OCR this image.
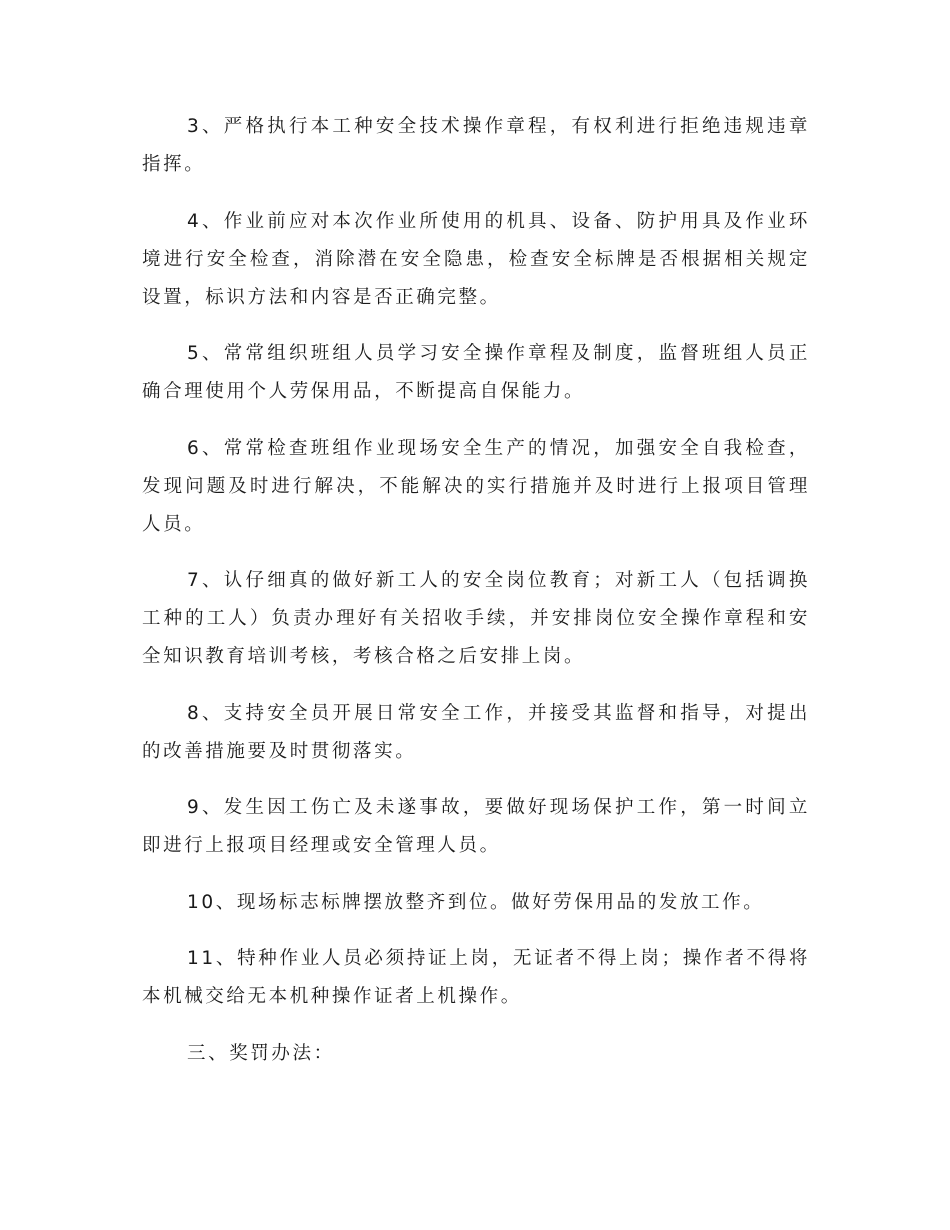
3、严格执行本工种安全技术操作章程，有权利进行拒绝违规违章指挥。

4、作业前应对本次作业所使用的机具、设备、防护用具及作业环境进行安全检查，消除潜在安全隐患，检查安全标牌是否根据相关规定设置，标识方法和内容是否正确完整。

5、常常组织班组人员学习安全操作章程及制度，监督班组人员正确合理使用个人劳保用品，不断提高自保能力。

6、常常检查班组作业现场安全生产的情况，加强安全自我检查，发现问题及时进行解决，不能解决的实行措施并及时进行上报项目管理人员。

7、认仔细真的做好新工人的安全岗位教育；对新工人（包括调换工种的工人）负责办理好有关招收手续，并安排岗位安全操作章程和安全知识教育培训考核，考核合格之后安排上岗。

8、支持安全员开展日常安全工作，并接受其监督和指导，对提出的改善措施要及时贯彻落实。

9、发生因工伤亡及未遂事故，要做好现场保护工作，第一时间立即进行上报项目经理或安全管理人员。

10、现场标志标牌摆放整齐到位。做好劳保用品的发放工作。

11、特种作业人员必须持证上岗，无证者不得上岗；操作者不得将本机械交给无本机种操作证者上机操作。

三、奖罚办法：
